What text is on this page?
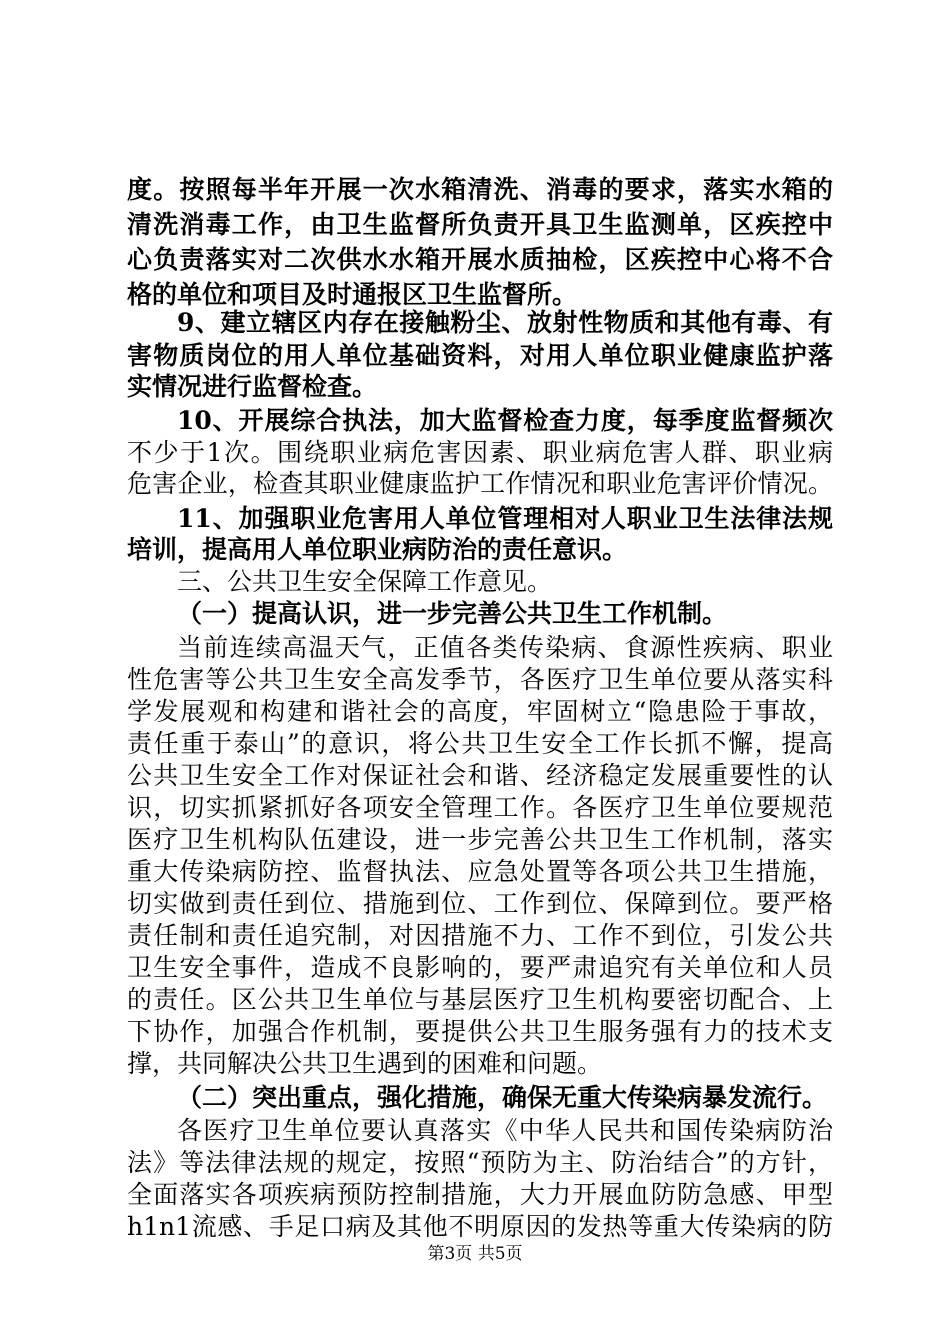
度。按照每半年开展一次水箱清洗、消毒的要求，落实水箱的
清洗消毒工作，由卫生监督所负责开具卫生监测单，区疾控中
心负责落实对二次供水水箱开展水质抽检，区疾控中心将不合
格的单位和项目及时通报区卫生监督所。
9、建立辖区内存在接触粉尘、放射性物质和其他有毒、有
害物质岗位的用人单位基础资料，对用人单位职业健康监护落
实情况进行监督检查。
10、开展综合执法，加大监督检查力度，每季度监督频次
不少于1次。围绕职业病危害因素、职业病危害人群、职业病
危害企业，检查其职业健康监护工作情况和职业危害评价情况。
11、加强职业危害用人单位管理相对人职业卫生法律法规
培训，提高用人单位职业病防治的责任意识。
三、公共卫生安全保障工作意见。
（一）提高认识，进一步完善公共卫生工作机制。
当前连续高温天气，正值各类传染病、食源性疾病、职业
性危害等公共卫生安全高发季节，各医疗卫生单位要从落实科
学发展观和构建和谐社会的高度，牢固树立“隐患险于事故，
责任重于泰山”的意识，将公共卫生安全工作长抓不懈，提高
公共卫生安全工作对保证社会和谐、经济稳定发展重要性的认
识，切实抓紧抓好各项安全管理工作。各医疗卫生单位要规范
医疗卫生机构队伍建设，进一步完善公共卫生工作机制，落实
重大传染病防控、监督执法、应急处置等各项公共卫生措施，
切实做到责任到位、措施到位、工作到位、保障到位。要严格
责任制和责任追究制，对因措施不力、工作不到位，引发公共
卫生安全事件，造成不良影响的，要严肃追究有关单位和人员
的责任。区公共卫生单位与基层医疗卫生机构要密切配合、上
下协作，加强合作机制，要提供公共卫生服务强有力的技术支
撑，共同解决公共卫生遇到的困难和问题。
（二）突出重点，强化措施，确保无重大传染病暴发流行。
各医疗卫生单位要认真落实《中华人民共和国传染病防治
法》等法律法规的规定，按照“预防为主、防治结合”的方针，
全面落实各项疾病预防控制措施，大力开展血防防急感、甲型
h1n1流感、手足口病及其他不明原因的发热等重大传染病的防
第3页 共5页
